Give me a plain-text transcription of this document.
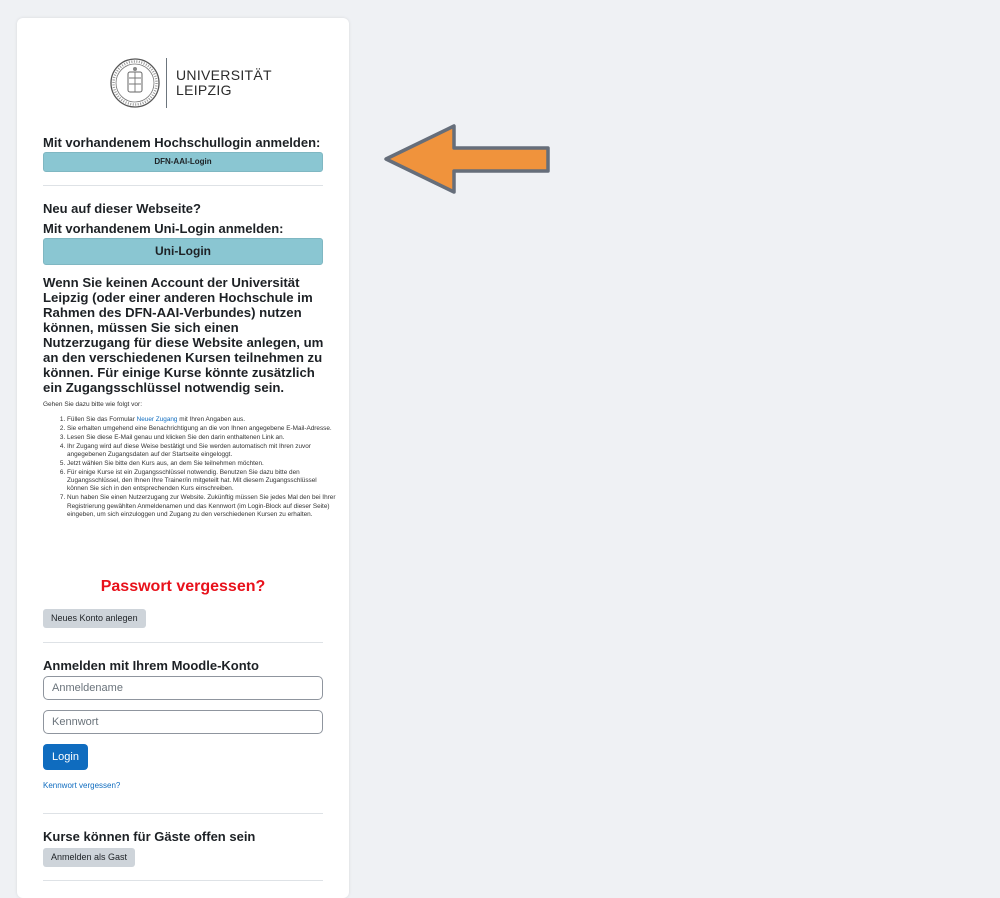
UNIVERSITÄT
LEIPZIG
Mit vorhandenem Hochschullogin anmelden:
DFN-AAI-Login
Neu auf dieser Webseite?
Mit vorhandenem Uni-Login anmelden:
Uni-Login
Wenn Sie keinen Account der Universität Leipzig (oder einer anderen Hochschule im Rahmen des DFN-AAI-Verbundes) nutzen können, müssen Sie sich einen Nutzerzugang für diese Website anlegen, um an den verschiedenen Kursen teilnehmen zu können. Für einige Kurse könnte zusätzlich ein Zugangsschlüssel notwendig sein.
Gehen Sie dazu bitte wie folgt vor:
1. Füllen Sie das Formular Neuer Zugang mit Ihren Angaben aus.
2. Sie erhalten umgehend eine Benachrichtigung an die von Ihnen angegebene E-Mail-Adresse.
3. Lesen Sie diese E-Mail genau und klicken Sie den darin enthaltenen Link an.
4. Ihr Zugang wird auf diese Weise bestätigt und Sie werden automatisch mit Ihren zuvor angegebenen Zugangsdaten auf der Startseite eingeloggt.
5. Jetzt wählen Sie bitte den Kurs aus, an dem Sie teilnehmen möchten.
6. Für einige Kurse ist ein Zugangsschlüssel notwendig. Benutzen Sie dazu bitte den Zugangsschlüssel, den Ihnen Ihre Trainer/in mitgeteilt hat. Mit diesem Zugangsschlüssel können Sie sich in den entsprechenden Kurs einschreiben.
7. Nun haben Sie einen Nutzerzugang zur Website. Zukünftig müssen Sie jedes Mal den bei Ihrer Registrierung gewählten Anmeldenamen und das Kennwort (im Login-Block auf dieser Seite) eingeben, um sich einzuloggen und Zugang zu den verschiedenen Kursen zu erhalten.
Passwort vergessen?
Neues Konto anlegen
Anmelden mit Ihrem Moodle-Konto
Anmeldename
Login
Kennwort vergessen?
Kurse können für Gäste offen sein
Anmelden als Gast
